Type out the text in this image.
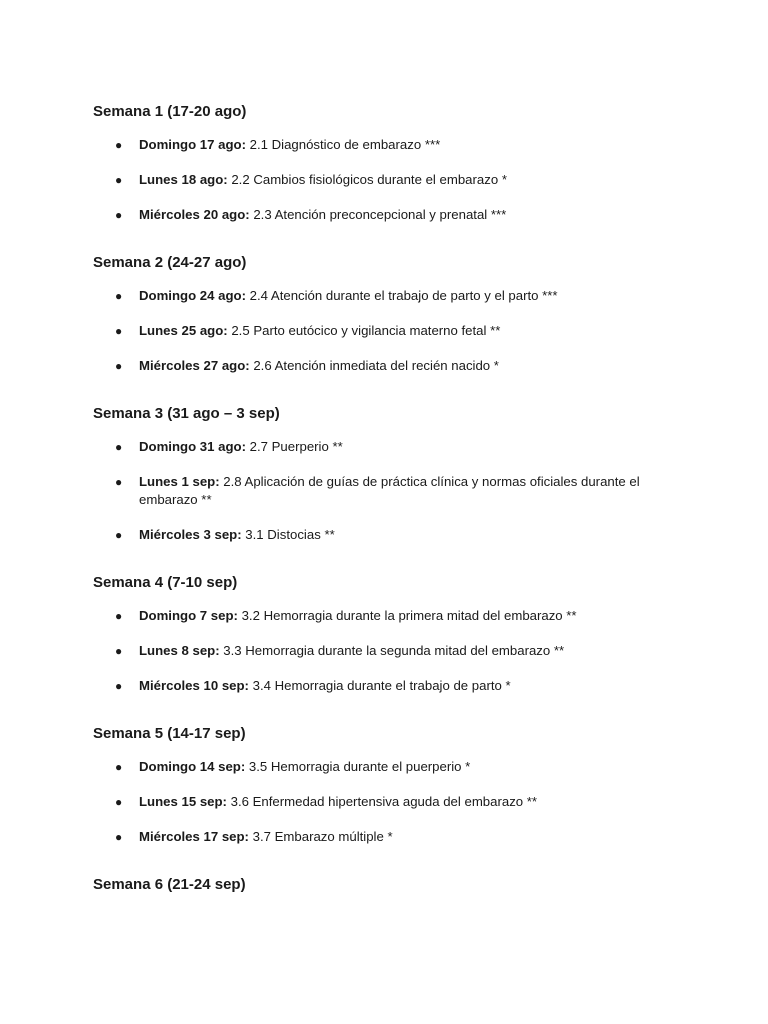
Semana 1 (17-20 ago)
● Domingo 17 ago: 2.1 Diagnóstico de embarazo ***
● Lunes 18 ago: 2.2 Cambios fisiológicos durante el embarazo *
● Miércoles 20 ago: 2.3 Atención preconcepcional y prenatal ***
Semana 2 (24-27 ago)
● Domingo 24 ago: 2.4 Atención durante el trabajo de parto y el parto ***
● Lunes 25 ago: 2.5 Parto eutócico y vigilancia materno fetal **
● Miércoles 27 ago: 2.6 Atención inmediata del recién nacido *
Semana 3 (31 ago – 3 sep)
● Domingo 31 ago: 2.7 Puerperio **
● Lunes 1 sep: 2.8 Aplicación de guías de práctica clínica y normas oficiales durante el embarazo **
● Miércoles 3 sep: 3.1 Distocias **
Semana 4 (7-10 sep)
● Domingo 7 sep: 3.2 Hemorragia durante la primera mitad del embarazo **
● Lunes 8 sep: 3.3 Hemorragia durante la segunda mitad del embarazo **
● Miércoles 10 sep: 3.4 Hemorragia durante el trabajo de parto *
Semana 5 (14-17 sep)
● Domingo 14 sep: 3.5 Hemorragia durante el puerperio *
● Lunes 15 sep: 3.6 Enfermedad hipertensiva aguda del embarazo **
● Miércoles 17 sep: 3.7 Embarazo múltiple *
Semana 6 (21-24 sep)
